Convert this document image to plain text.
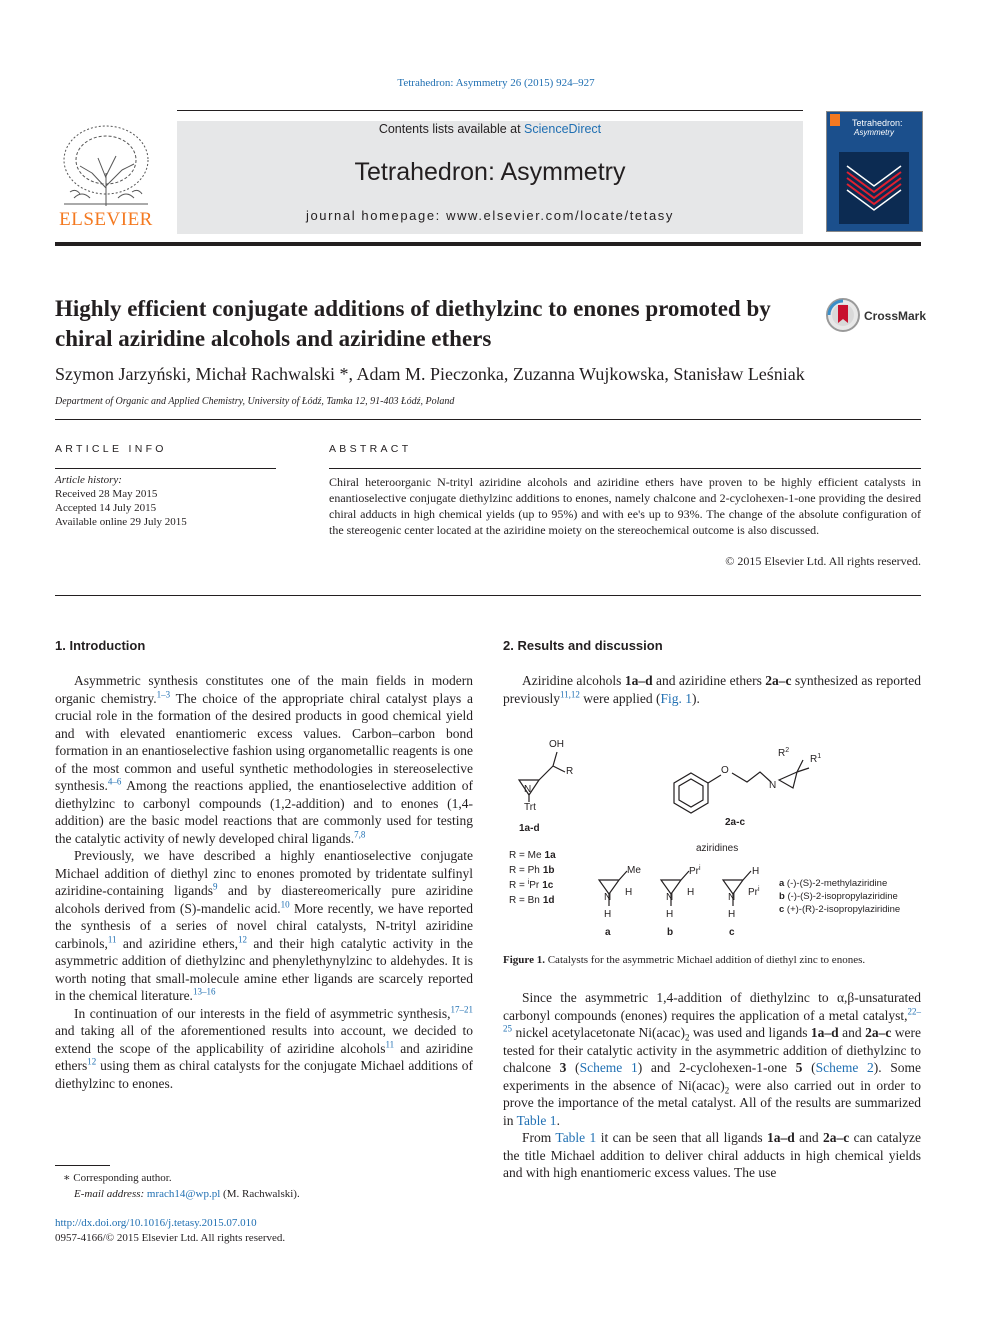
Tetrahedron: Asymmetry 26 (2015) 924–927
ELSEVIER
Contents lists available at ScienceDirect
Tetrahedron: Asymmetry
journal homepage: www.elsevier.com/locate/tetasy
Tetrahedron:
Asymmetry
Highly efficient conjugate additions of diethylzinc to enones promoted by chiral aziridine alcohols and aziridine ethers
CrossMark
Szymon Jarzyński, Michał Rachwalski *, Adam M. Pieczonka, Zuzanna Wujkowska, Stanisław Leśniak
Department of Organic and Applied Chemistry, University of Łódź, Tamka 12, 91-403 Łódź, Poland
ARTICLE INFO
Article history:
Received 28 May 2015
Accepted 14 July 2015
Available online 29 July 2015
ABSTRACT
Chiral heteroorganic N-trityl aziridine alcohols and aziridine ethers have proven to be highly efficient catalysts in enantioselective conjugate diethylzinc additions to enones, namely chalcone and 2-cyclohexen-1-one providing the desired chiral adducts in high chemical yields (up to 95%) and with ee's up to 93%. The change of the absolute configuration of the stereogenic center located at the aziridine moiety on the stereochemical outcome is also discussed.
© 2015 Elsevier Ltd. All rights reserved.
1. Introduction

Asymmetric synthesis constitutes one of the main fields in modern organic chemistry.$^{1-3}$ The choice of the appropriate chiral catalyst plays a crucial role in the formation of the desired products in good chemical yield and with elevated enantiomeric excess values. Carbon–carbon bond formation in an enantioselective fashion using organometallic reagents is one of the most common and useful synthetic methodologies in stereoselective synthesis.$^{4-6}$ Among the reactions applied, the enantioselective addition of diethylzinc to carbonyl compounds (1,2-addition) and to enones (1,4-addition) are the basic model reactions that are commonly used for testing the catalytic activity of newly developed chiral ligands.$^{7,8}$

Previously, we have described a highly enantioselective conjugate Michael addition of diethyl zinc to enones promoted by tridentate sulfinyl aziridine-containing ligands$^9$ and by diastereomerically pure aziridine alcohols derived from (S)-mandelic acid.$^{10}$ More recently, we have reported the synthesis of a series of novel chiral catalysts, N-trityl aziridine carbinols,$^{11}$ and aziridine ethers,$^{12}$ and their high catalytic activity in the asymmetric addition of diethylzinc and phenylethynylzinc to aldehydes. It is worth noting that small-molecule amine ether ligands are scarcely reported in the chemical literature.$^{13-16}$

In continuation of our interests in the field of asymmetric synthesis,$^{17-21}$ and taking all of the aforementioned results into account, we decided to extend the scope of the applicability of aziridine alcohols$^{11}$ and aziridine ethers$^{12}$ using them as chiral catalysts for the conjugate Michael additions of diethylzinc to enones.

2. Results and discussion

Aziridine alcohols 1a–d and aziridine ethers 2a–c synthesized as reported previously$^{11,12}$ were applied (Fig. 1).

OH
R
N
Trt
1a-d
O
N
$R^2$
$R^1$
2a-c
aziridines
R = Me 1a
R = Ph 1b
R = $^i$Pr 1c
R = Bn 1d
Me
H
N
H
a
Pr$^i$
H
N
H
b
H
Pr$^i$
N
H
c
a (-)-(S)-2-methylaziridine
b (-)-(S)-2-isopropylaziridine
c (+)-(R)-2-isopropylaziridine
Figure 1. Catalysts for the asymmetric Michael addition of diethyl zinc to enones.

Since the asymmetric 1,4-addition of diethylzinc to α,β-unsaturated carbonyl compounds (enones) requires the application of a metal catalyst,$^{22-25}$ nickel acetylacetonate $Ni(acac)_2$ was used and ligands 1a–d and 2a–c were tested for their catalytic activity in the asymmetric addition of diethylzinc to chalcone 3 (Scheme 1) and 2-cyclohexen-1-one 5 (Scheme 2). Some experiments in the absence of $Ni(acac)_2$ were also carried out in order to prove the importance of the metal catalyst. All of the results are summarized in Table 1.

From Table 1 it can be seen that all ligands 1a–d and 2a–c can catalyze the title Michael addition to deliver chiral adducts in high chemical yields and with high enantiomeric excess values. The use

∗ Corresponding author.
E-mail address: mrach14@wp.pl (M. Rachwalski).
http://dx.doi.org/10.1016/j.tetasy.2015.07.010
0957-4166/© 2015 Elsevier Ltd. All rights reserved.
